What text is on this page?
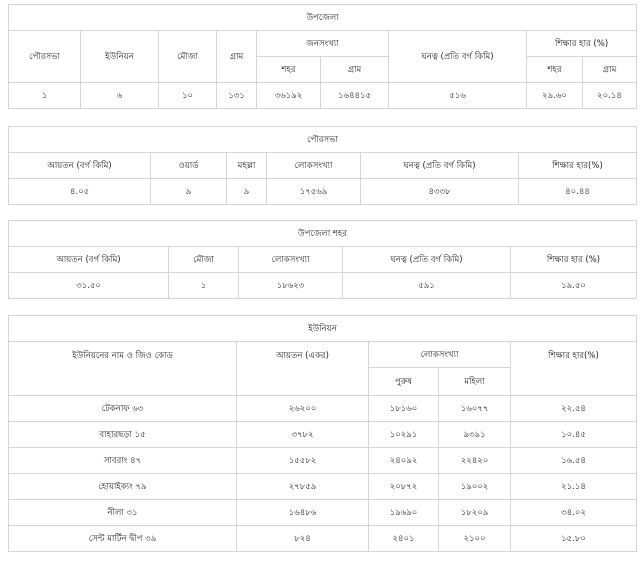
উপজেলা								
পৌরসভা	ইউনিয়ন	মৌজা	গ্রাম	জনসংখ্যা		ঘনত্ব (প্রতি বর্গ কিমি)	শিক্ষার হার (%)	
				শহর	গ্রাম		শহর	গ্রাম
১	৬	১০	১৩১	৩৬১৯২	১৬৪৪১৫	৫১৬	২৯.৬০	২০.১৪
পৌরসভা					
আয়তন (বর্গ কিমি)	ওয়ার্ড	মহল্লা	লোকসংখ্যা	ঘনত্ব (প্রতি বর্গ কিমি)	শিক্ষার হার(%)
৪.০৫	৯	৯	১৭৫৬৯	৪৩৩৮	৪০.৪৪
উপজেলা শহর				
আয়তন (বর্গ কিমি)	মৌজা	লোকসংখ্যা	ঘনত্ব (প্রতি বর্গ কিমি)	শিক্ষার হার (%)
৩১.৫০	১	১৮৬২৩	৫৯১	১৯.৫০
ইউনিয়ন				
ইউনিয়নের নাম ও জিও কোড	আয়তন (একর)	লোকসংখ্যা		শিক্ষার হার(%)
		পুরুষ	মহিলা	
টেকনাফ ৬৩	২৬২০০	১৮১৬০	১৬০৭৭	২২.৫৪
বাহারছড়া ১৫	৩৭৮২	১০২৯১	৯৩৯১	১০.৪৫
সাবরাং ৪৭	১৫৫৮২	২৪০৯২	২২৪২০	১৬.৫৪
হোয়াইক্যং ৭৯	২৭৮৫৯	২০৮৭২	১৯০০২	২১.১৪
নীলা ৩১	১৬৪৮৬	১৯৬৯০	১৮২০৯	৩৪.০২
সেন্ট মার্টিন দ্বীপ ৩৯	৮২৪	২৪০১	২১০০	১৫.৮০
